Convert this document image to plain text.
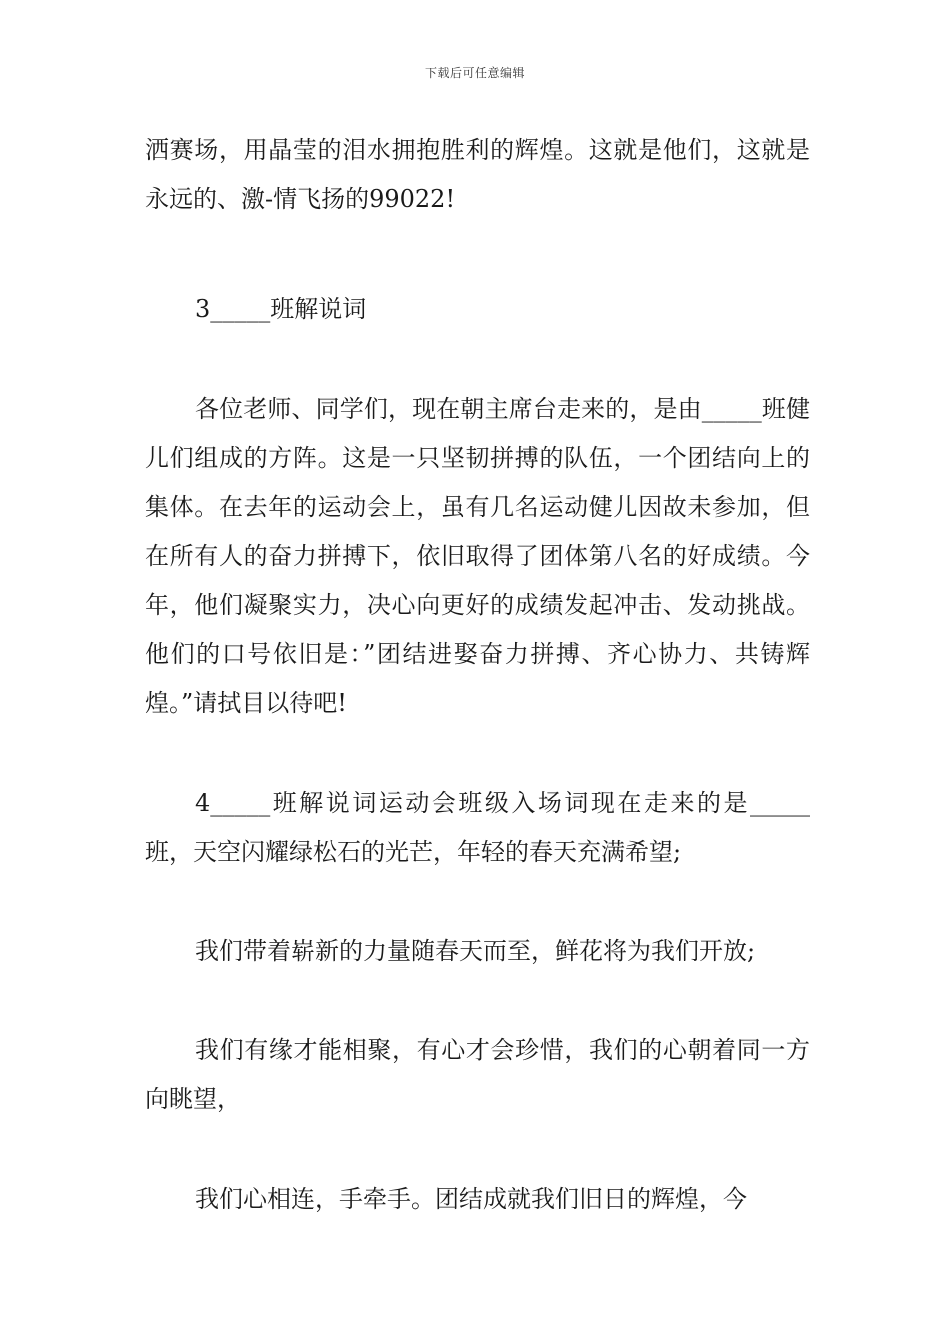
下载后可任意编辑

洒赛场，用晶莹的泪水拥抱胜利的辉煌。这就是他们，这就是永远的、激-情飞扬的99022!

3_____班解说词

各位老师、同学们，现在朝主席台走来的，是由_____班健儿们组成的方阵。这是一只坚韧拼搏的队伍，一个团结向上的集体。在去年的运动会上，虽有几名运动健儿因故未参加，但在所有人的奋力拼搏下，依旧取得了团体第八名的好成绩。今年，他们凝聚实力，决心向更好的成绩发起冲击、发动挑战。他们的口号依旧是：”团结进娶奋力拼搏、齐心协力、共铸辉煌。”请拭目以待吧!

4_____班解说词运动会班级入场词现在走来的是_____班，天空闪耀绿松石的光芒，年轻的春天充满希望;

我们带着崭新的力量随春天而至，鲜花将为我们开放;

我们有缘才能相聚，有心才会珍惜，我们的心朝着同一方向眺望，

我们心相连，手牵手。团结成就我们旧日的辉煌，今
